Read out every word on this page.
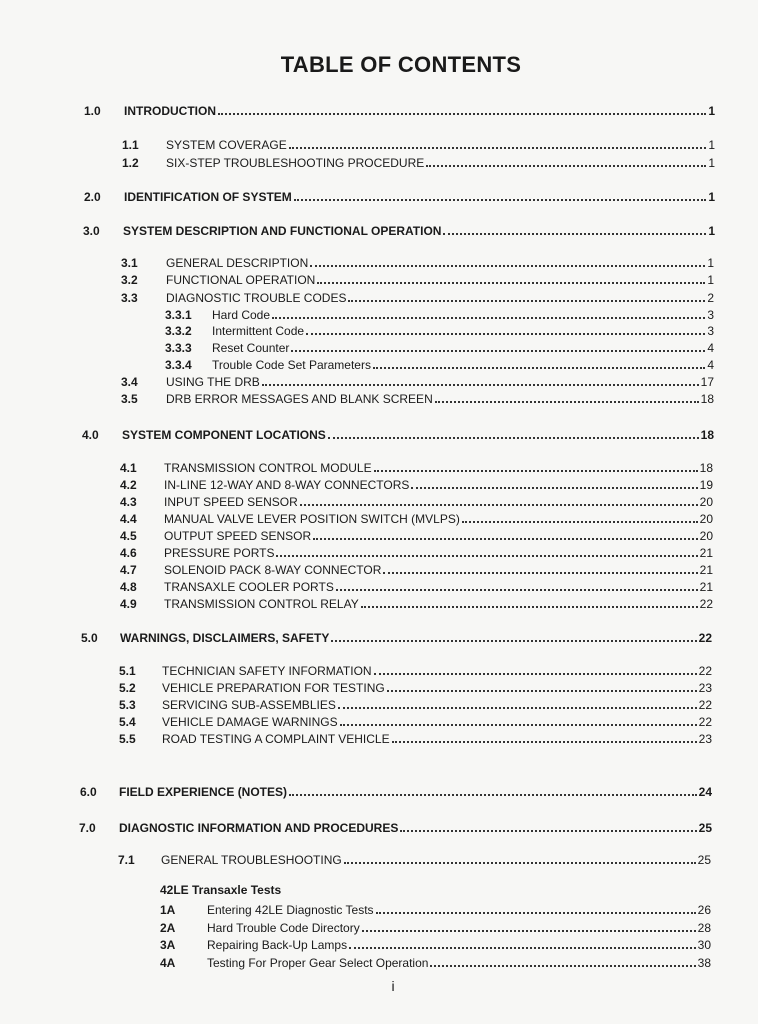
TABLE OF CONTENTS
1.0	INTRODUCTION	1
1.1	SYSTEM COVERAGE	1
1.2	SIX-STEP TROUBLESHOOTING PROCEDURE	1
2.0	IDENTIFICATION OF SYSTEM	1
3.0	SYSTEM DESCRIPTION AND FUNCTIONAL OPERATION	1
3.1	GENERAL DESCRIPTION	1
3.2	FUNCTIONAL OPERATION	1
3.3	DIAGNOSTIC TROUBLE CODES	2
3.3.1	Hard Code	3
3.3.2	Intermittent Code	3
3.3.3	Reset Counter	4
3.3.4	Trouble Code Set Parameters	4
3.4	USING THE DRB	17
3.5	DRB ERROR MESSAGES AND BLANK SCREEN	18
4.0	SYSTEM COMPONENT LOCATIONS	18
4.1	TRANSMISSION CONTROL MODULE	18
4.2	IN-LINE 12-WAY AND 8-WAY CONNECTORS	19
4.3	INPUT SPEED SENSOR	20
4.4	MANUAL VALVE LEVER POSITION SWITCH (MVLPS)	20
4.5	OUTPUT SPEED SENSOR	20
4.6	PRESSURE PORTS	21
4.7	SOLENOID PACK 8-WAY CONNECTOR	21
4.8	TRANSAXLE COOLER PORTS	21
4.9	TRANSMISSION CONTROL RELAY	22
5.0	WARNINGS, DISCLAIMERS, SAFETY	22
5.1	TECHNICIAN SAFETY INFORMATION	22
5.2	VEHICLE PREPARATION FOR TESTING	23
5.3	SERVICING SUB-ASSEMBLIES	22
5.4	VEHICLE DAMAGE WARNINGS	22
5.5	ROAD TESTING A COMPLAINT VEHICLE	23
6.0	FIELD EXPERIENCE (NOTES)	24
7.0	DIAGNOSTIC INFORMATION AND PROCEDURES	25
7.1	GENERAL TROUBLESHOOTING	25
1A	Entering 42LE Diagnostic Tests	26
2A	Hard Trouble Code Directory	28
3A	Repairing Back-Up Lamps	30
4A	Testing For Proper Gear Select Operation	38
42LE Transaxle Tests
i
